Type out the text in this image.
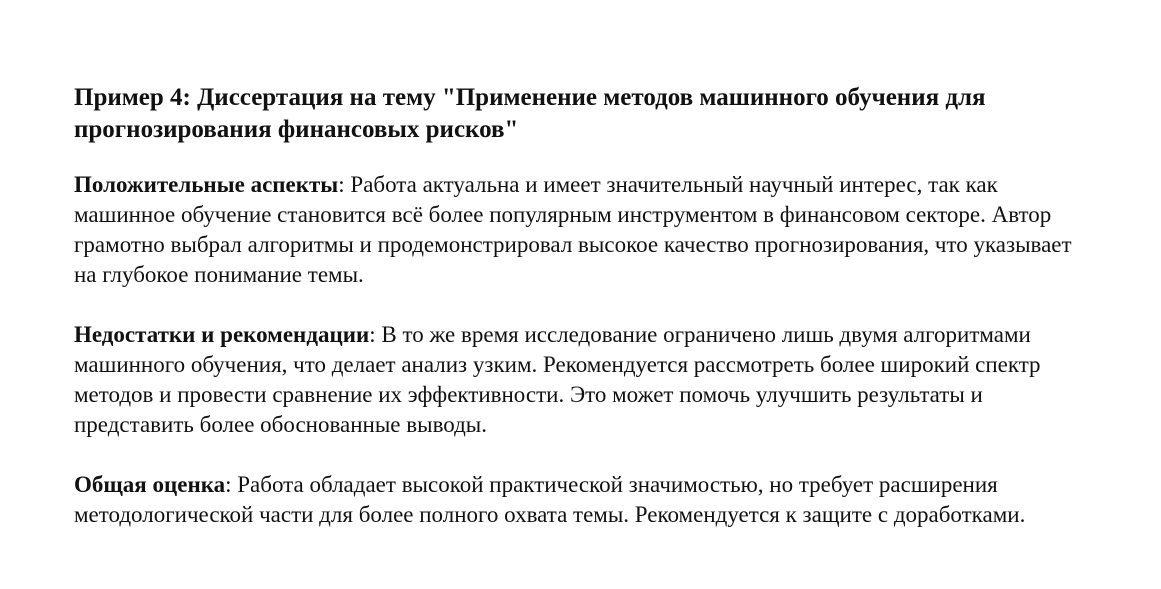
Пример 4: Диссертация на тему "Применение методов машинного обучения для прогнозирования финансовых рисков"

Положительные аспекты: Работа актуальна и имеет значительный научный интерес, так как машинное обучение становится всё более популярным инструментом в финансовом секторе. Автор грамотно выбрал алгоритмы и продемонстрировал высокое качество прогнозирования, что указывает на глубокое понимание темы.

Недостатки и рекомендации: В то же время исследование ограничено лишь двумя алгоритмами машинного обучения, что делает анализ узким. Рекомендуется рассмотреть более широкий спектр методов и провести сравнение их эффективности. Это может помочь улучшить результаты и представить более обоснованные выводы.

Общая оценка: Работа обладает высокой практической значимостью, но требует расширения методологической части для более полного охвата темы. Рекомендуется к защите с доработками.
